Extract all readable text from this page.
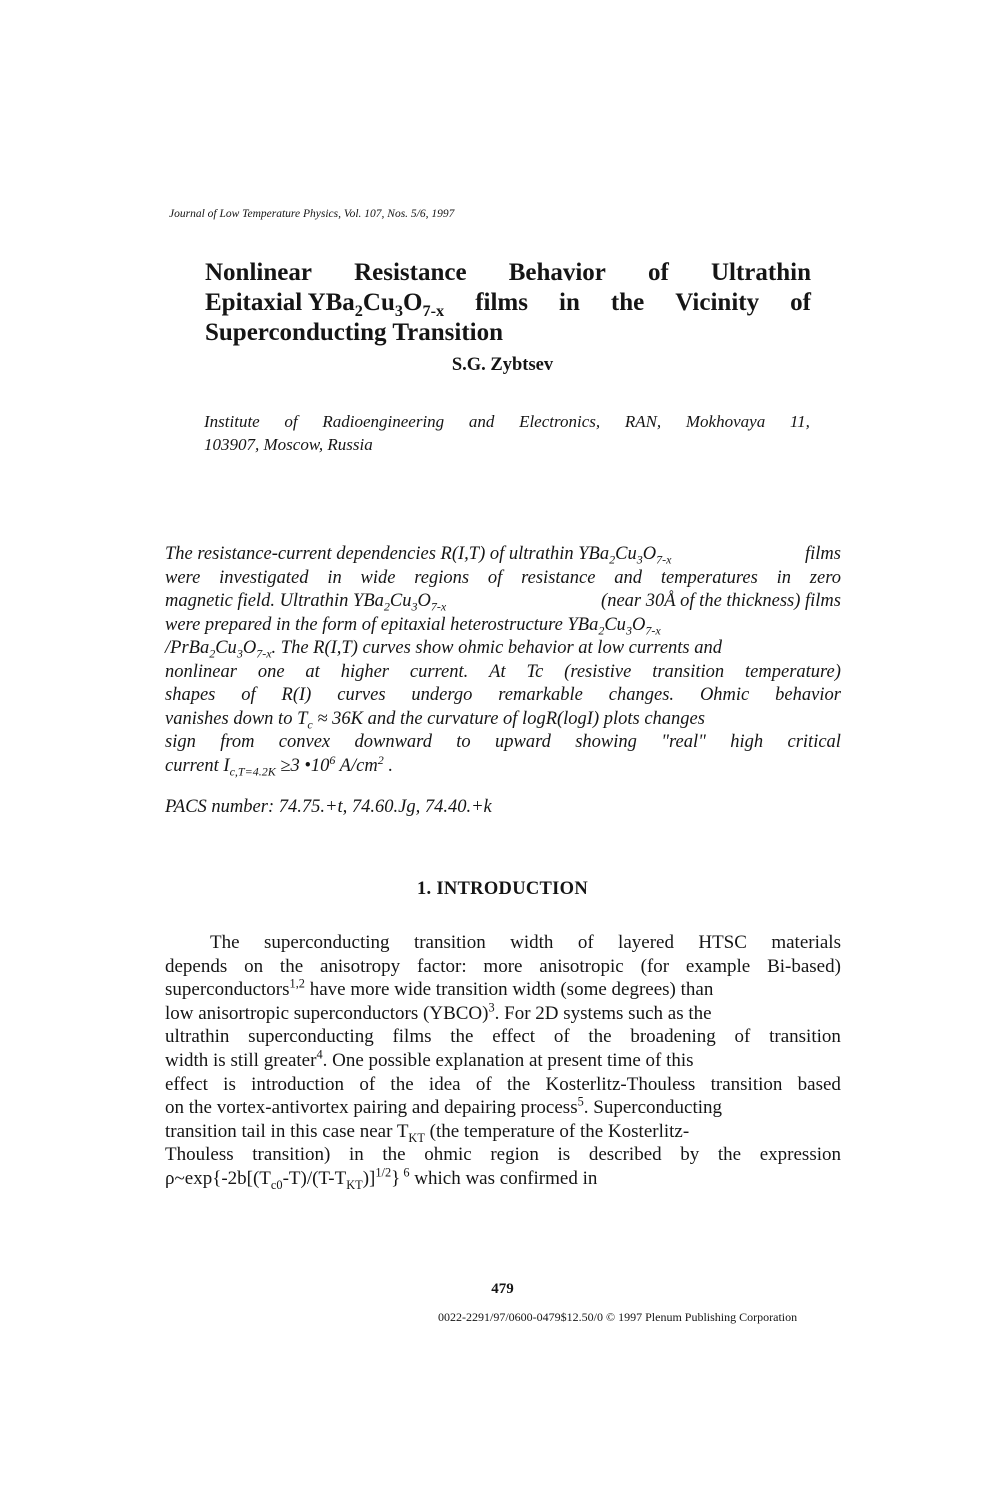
Journal of Low Temperature Physics, Vol. 107, Nos. 5/6, 1997
Nonlinear Resistance Behavior of Ultrathin
Epitaxial $YBa_2Cu_3O_{7-x}$ films in the Vicinity of
Superconducting Transition
S.G. Zybtsev
Institute of Radioengineering and Electronics, RAN, Mokhovaya 11,
103907, Moscow, Russia
The resistance-current dependencies R(I,T) of ultrathin $YBa_2Cu_3O_{7-x}$	films
were investigated in wide regions of resistance and temperatures in zero
magnetic field. Ultrathin $YBa_2Cu_3O_{7-x}$	(near 30Å of the thickness) films
were prepared in the form of epitaxial heterostructure $YBa_2Cu_3O_{7-x}$
$/PrBa_2Cu_3O_{7-x}$. The R(I,T) curves show ohmic behavior at low currents and
nonlinear one at higher current. At Tc (resistive transition temperature)
shapes of R(I) curves undergo remarkable changes. Ohmic behavior
vanishes down to $T_c \approx 36K$ and the curvature of logR(logI) plots changes
sign from convex downward to upward showing "real" high critical
current $I_{c,T=4.2K} \ge 3$ $•10^6$ $A/cm^2$ .
PACS number: 74.75.+t, 74.60.Jg, 74.40.+k
1. INTRODUCTION
The superconducting transition width of layered HTSC materials
depends on the anisotropy factor: more anisotropic (for example Bi-based)
superconductors$^{1,2}$ have more wide transition width (some degrees) than
low anisortropic superconductors (YBCO)$^3$. For 2D systems such as the
ultrathin superconducting films the effect of the broadening of transition
width is still greater$^4$. One possible explanation at present time of this
effect is introduction of the idea of the Kosterlitz-Thouless transition based
on the vortex-antivortex pairing and depairing process$^5$. Superconducting
transition tail in this case near $T_{KT}$ (the temperature of the Kosterlitz-
Thouless transition) in the ohmic region is described by the expression
$\rho\sim\exp\{-2b[(T_{c0}-T)/(T-T_{KT})]^{1/2}\}$ $^6$ which was confirmed in
479
0022-2291/97/0600-0479$12.50/0 © 1997 Plenum Publishing Corporation
